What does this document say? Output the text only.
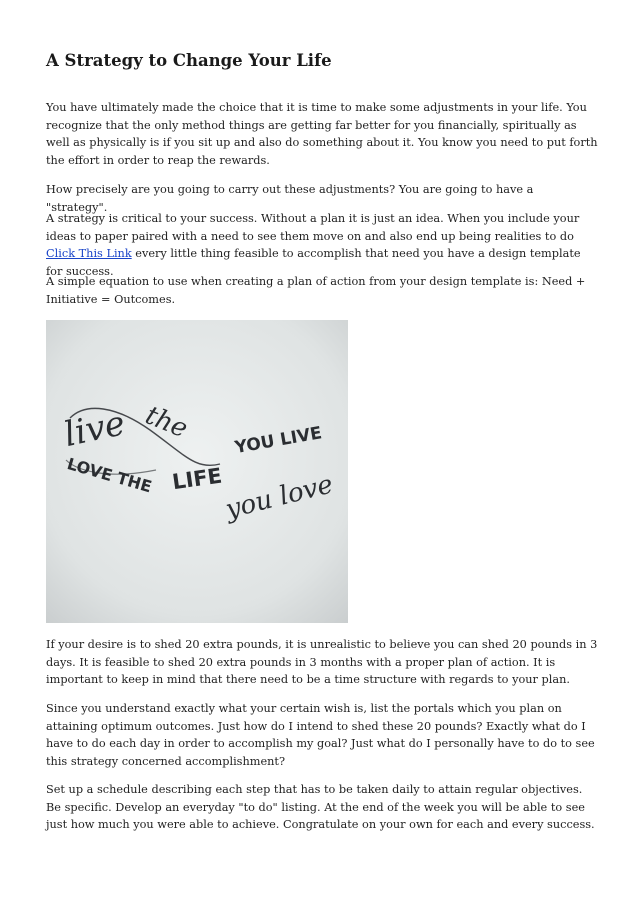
A Strategy to Change Your Life

You have ultimately made the choice that it is time to make some adjustments in your life. You recognize that the only method things are getting far better for you financially, spiritually as well as physically is if you sit up and also do something about it. You know you need to put forth the effort in order to reap the rewards.

How precisely are you going to carry out these adjustments? You are going to have a "strategy".

A strategy is critical to your success. Without a plan it is just an idea. When you include your ideas to paper paired with a need to see them move on and also end up being realities to do Click This Link every little thing feasible to accomplish that need you have a design template for success.

A simple equation to use when creating a plan of action from your design template is: Need + Initiative = Outcomes.

live the YOU LIVE
LOVE THE LIFE you love

If your desire is to shed 20 extra pounds, it is unrealistic to believe you can shed 20 pounds in 3 days. It is feasible to shed 20 extra pounds in 3 months with a proper plan of action. It is important to keep in mind that there need to be a time structure with regards to your plan.

Since you understand exactly what your certain wish is, list the portals which you plan on attaining optimum outcomes. Just how do I intend to shed these 20 pounds? Exactly what do I have to do each day in order to accomplish my goal? Just what do I personally have to do to see this strategy concerned accomplishment?

Set up a schedule describing each step that has to be taken daily to attain regular objectives. Be specific. Develop an everyday "to do" listing. At the end of the week you will be able to see just how much you were able to achieve. Congratulate on your own for each and every success.
